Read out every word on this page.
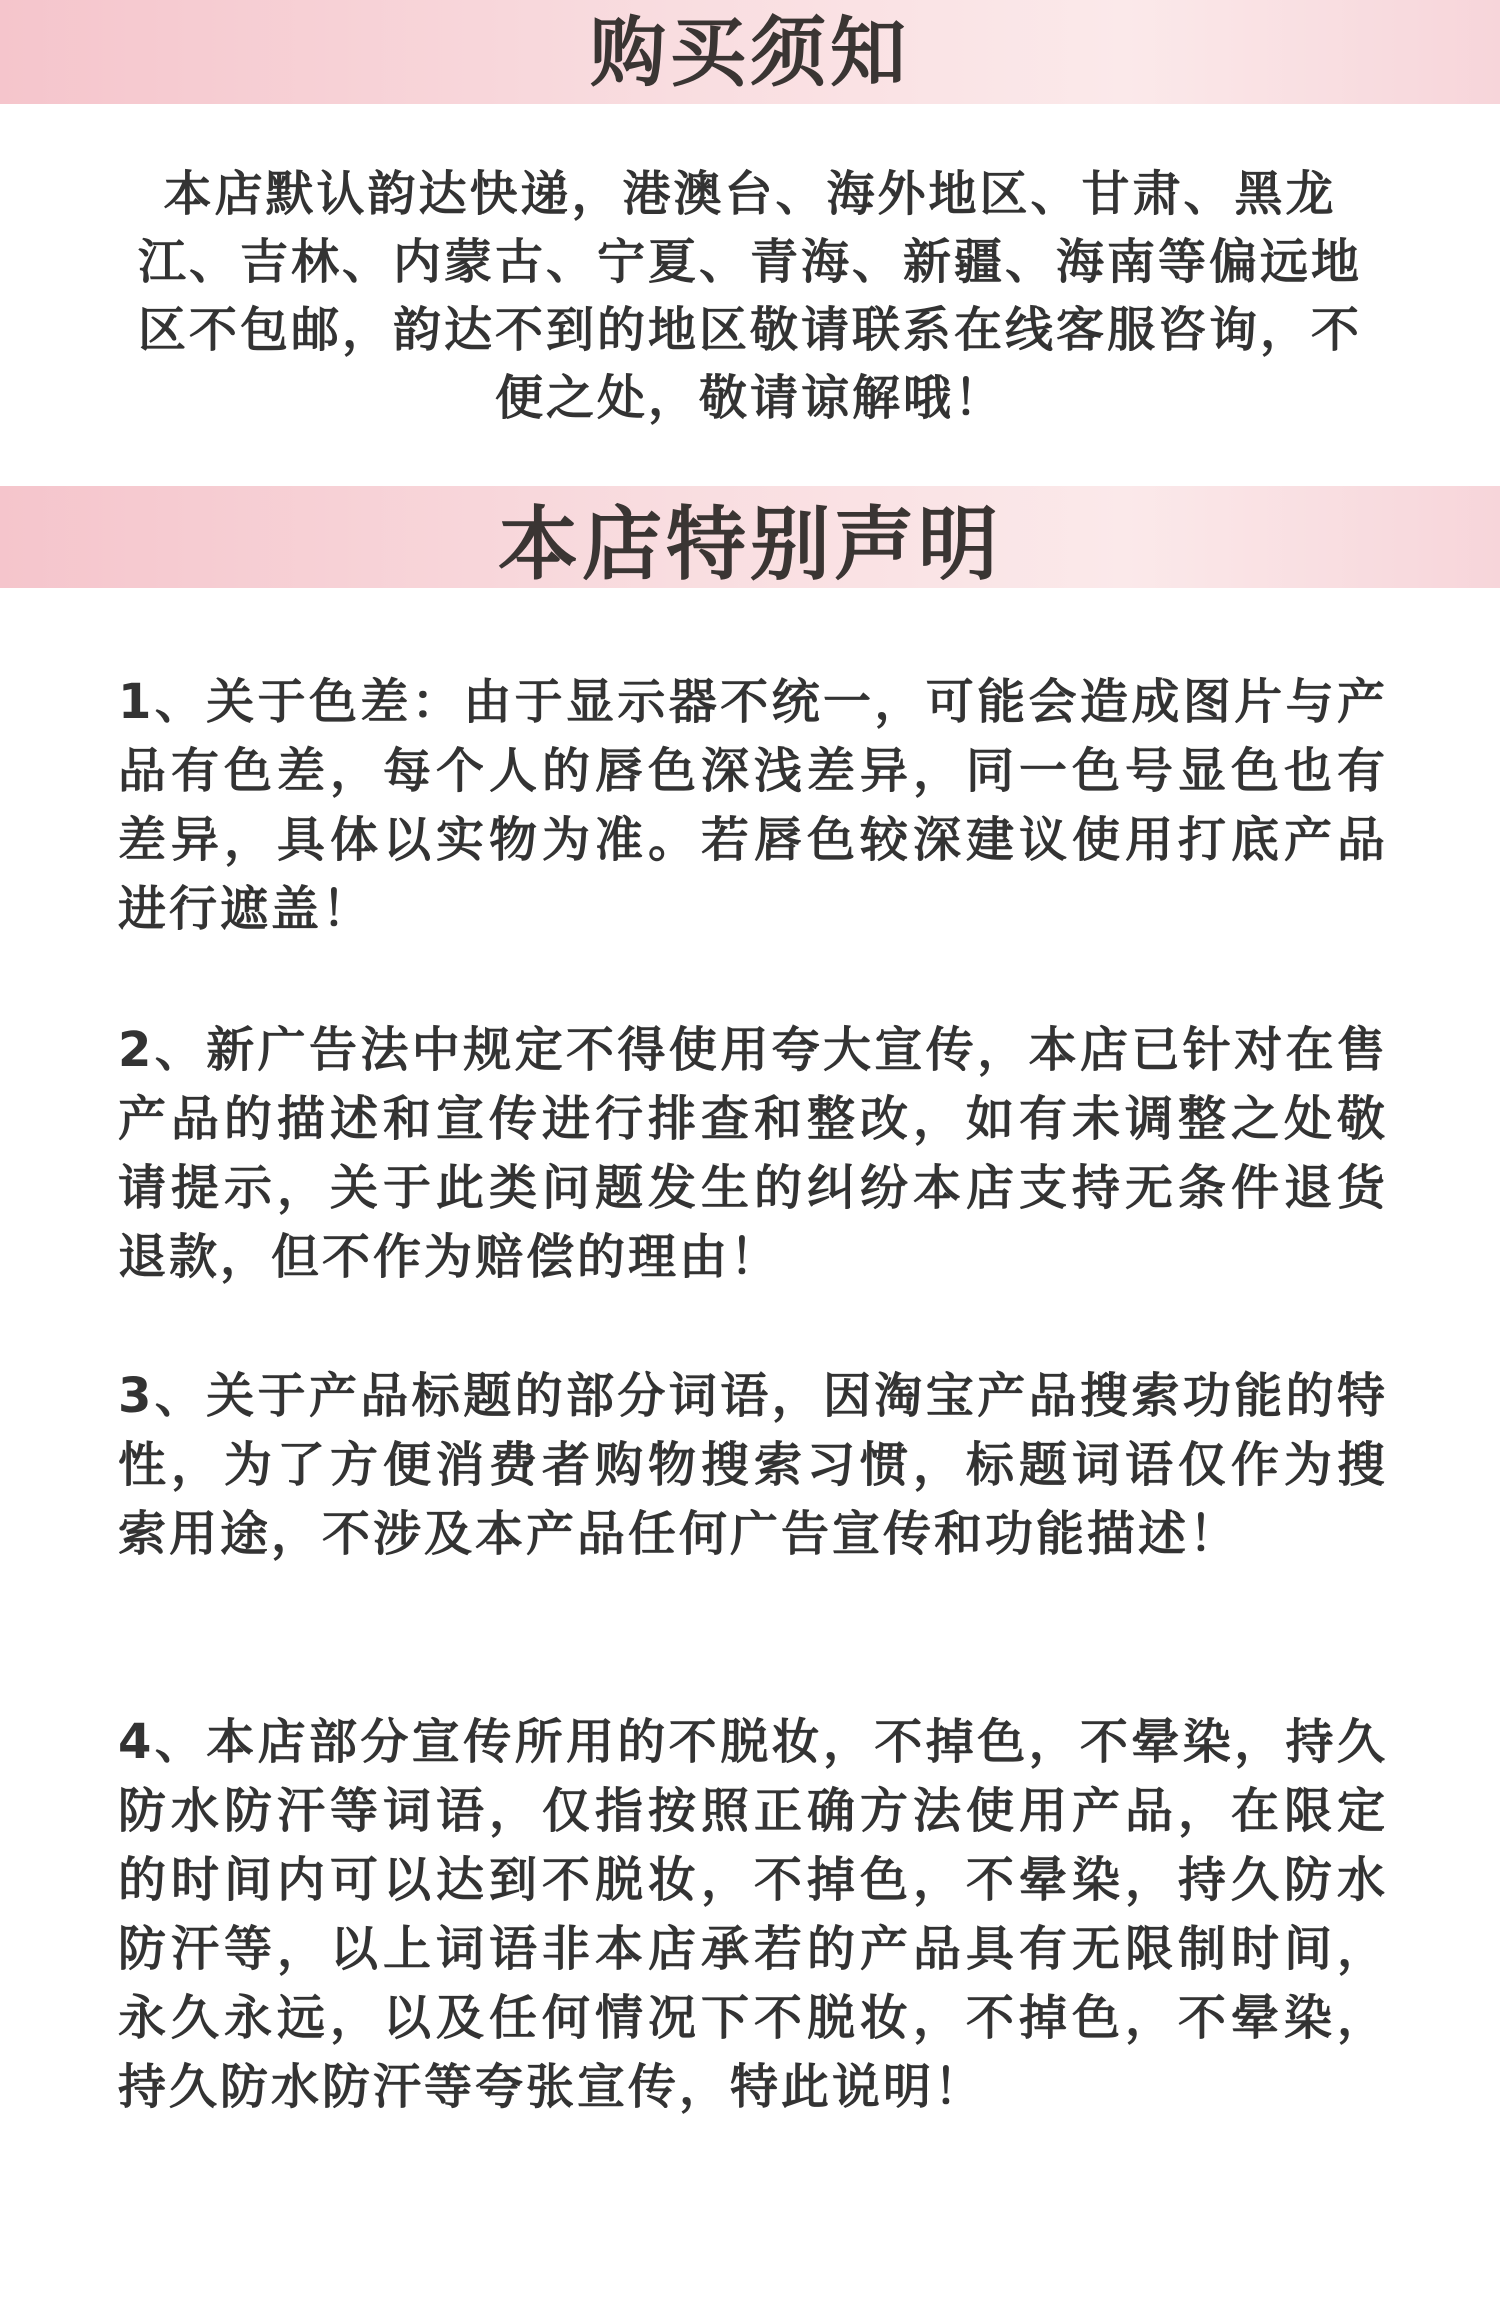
购买须知
本店默认韵达快递，港澳台、海外地区、甘肃、黑龙江、吉林、内蒙古、宁夏、青海、新疆、海南等偏远地区不包邮，韵达不到的地区敬请联系在线客服咨询，不便之处，敬请谅解哦！
本店特别声明
1、关于色差：由于显示器不统一，可能会造成图片与产品有色差，每个人的唇色深浅差异，同一色号显色也有差异，具体以实物为准。若唇色较深建议使用打底产品进行遮盖！
2、新广告法中规定不得使用夸大宣传，本店已针对在售产品的描述和宣传进行排查和整改，如有未调整之处敬请提示，关于此类问题发生的纠纷本店支持无条件退货退款，但不作为赔偿的理由！
3、关于产品标题的部分词语，因淘宝产品搜索功能的特性，为了方便消费者购物搜索习惯，标题词语仅作为搜索用途，不涉及本产品任何广告宣传和功能描述！
4、本店部分宣传所用的不脱妆，不掉色，不晕染，持久防水防汗等词语，仅指按照正确方法使用产品，在限定的时间内可以达到不脱妆，不掉色，不晕染，持久防水防汗等，以上词语非本店承若的产品具有无限制时间，永久永远，以及任何情况下不脱妆，不掉色，不晕染，持久防水防汗等夸张宣传，特此说明！
